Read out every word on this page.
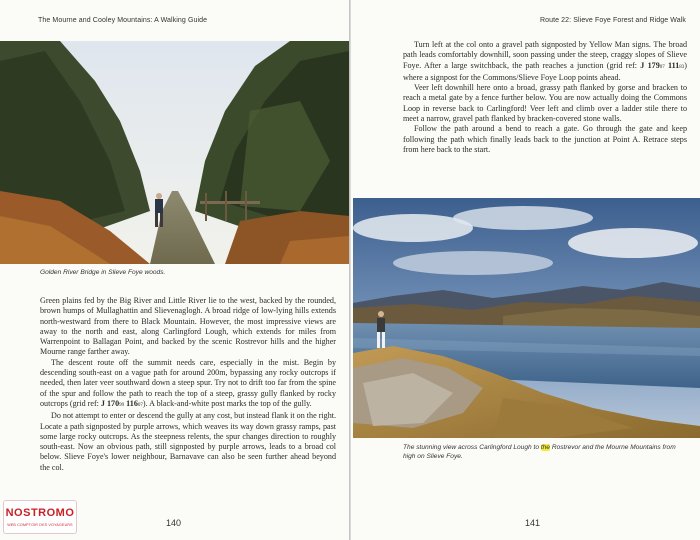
The Mourne and Cooley Mountains: A Walking Guide
Golden River Bridge in Slieve Foye woods.

Green plains fed by the Big River and Little River lie to the west, backed by the rounded, brown humps of Mullaghattin and Slievenaglogh. A broad ridge of low-lying hills extends north-westward from there to Black Mountain. However, the most impressive views are away to the north and east, along Carlingford Lough, which extends for miles from Warrenpoint to Ballagan Point, and backed by the scenic Rostrevor hills and the higher Mourne range farther away.

The descent route off the summit needs care, especially in the mist. Begin by descending south-east on a vague path for around 200m, bypassing any rocky outcrops if needed, then later veer southward down a steep spur. Try not to drift too far from the spine of the spur and follow the path to reach the top of a steep, grassy gully flanked by rocky outcrops (grid ref: J 17099 11607). A black-and-white post marks the top of the gully.

Do not attempt to enter or descend the gully at any cost, but instead flank it on the right. Locate a path signposted by purple arrows, which weaves its way down grassy ramps, past some large rocky outcrops. As the steepness relents, the spur changes direction to roughly south-east. Now an obvious path, still signposted by purple arrows, leads to a broad col below. Slieve Foye's lower neighbour, Barnavave can also be seen further ahead beyond the col.

140
NOSTROMO
WEB COMPTOIR DES VOYAGEURS
Route 22: Slieve Foye Forest and Ridge Walk

Turn left at the col onto a gravel path signposted by Yellow Man signs. The broad path leads comfortably downhill, soon passing under the steep, craggy slopes of Slieve Foye. After a large switchback, the path reaches a junction (grid ref: J 17907 11183) where a signpost for the Commons/Slieve Foye Loop points ahead.

Veer left downhill here onto a broad, grassy path flanked by gorse and bracken to reach a metal gate by a fence further below. You are now actually doing the Commons Loop in reverse back to Carlingford! Veer left and climb over a ladder stile there to meet a narrow, gravel path flanked by bracken-covered stone walls.

Follow the path around a bend to reach a gate. Go through the gate and keep following the path which finally leads back to the junction at Point A. Retrace steps from here back to the start.

The stunning view across Carlingford Lough to the Rostrevor and the Mourne Mountains from high on Slieve Foye.
141
